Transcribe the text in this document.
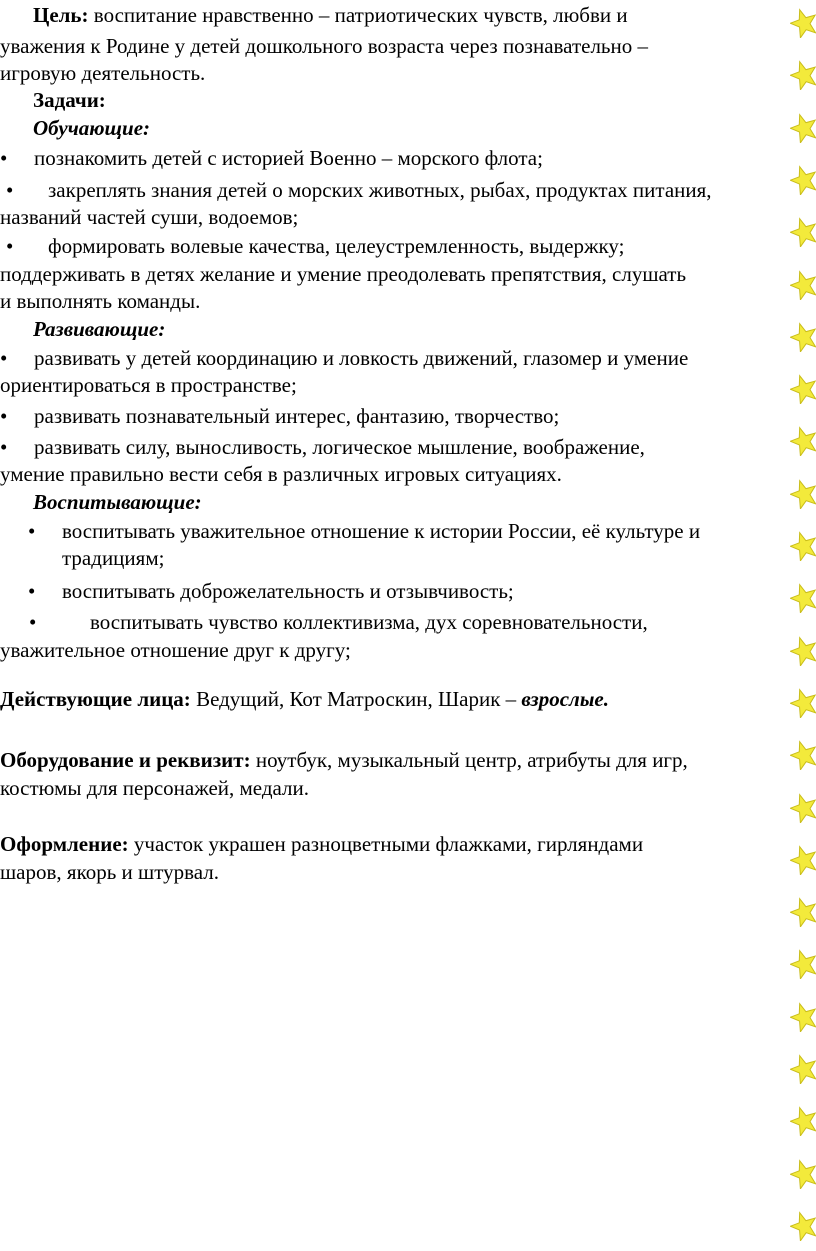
Цель: воспитание нравственно – патриотических чувств, любви и

уважения к Родине у детей дошкольного возраста через познавательно –

игровую деятельность.

Задачи:

Обучающие:

• познакомить детей с историей Военно – морского флота;

• закреплять знания детей о морских животных, рыбах, продуктах питания,

названий частей суши, водоемов;

• формировать волевые качества, целеустремленность, выдержку;

поддерживать в детях желание и умение преодолевать препятствия, слушать

и выполнять команды.

Развивающие:

• развивать у детей координацию и ловкость движений, глазомер и умение

ориентироваться в пространстве;

• развивать познавательный интерес, фантазию, творчество;

• развивать силу, выносливость, логическое мышление, воображение,

умение правильно вести себя в различных игровых ситуациях.

Воспитывающие:

•	воспитывать уважительное отношение к истории России, её культуре и
традициям;
•	воспитывать доброжелательность и отзывчивость;

•	воспитывать чувство коллективизма, дух соревновательности,

уважительное отношение друг к другу;

Действующие лица: Ведущий, Кот Матроскин, Шарик – взрослые.

Оборудование и реквизит: ноутбук, музыкальный центр, атрибуты для игр,

костюмы для персонажей, медали.

Оформление: участок украшен разноцветными флажками, гирляндами

шаров, якорь и штурвал.
